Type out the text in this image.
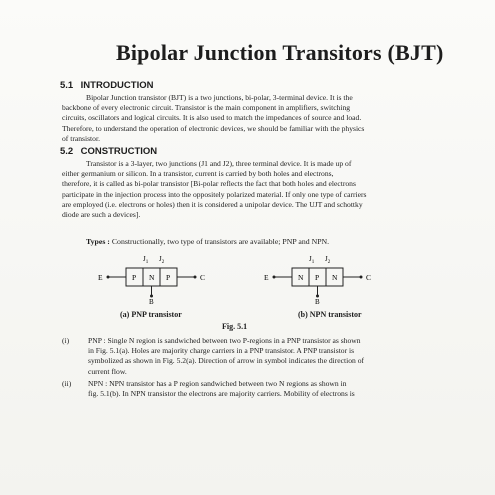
Bipolar Junction Transitors (BJT)
5.1 INTRODUCTION
Bipolar Junction transistor (BJT) is a two junctions, bi-polar, 3-terminal device. It is the
backbone of every electronic circuit. Transistor is the main component in amplifiers, switching
circuits, oscillators and logical circuits. It is also used to match the impedances of source and load.
Therefore, to understand the operation of electronic devices, we should be familiar with the physics
of transistor.
5.2 CONSTRUCTION
Transistor is a 3-layer, two junctions (J1 and J2), three terminal device. It is made up of
either germanium or silicon. In a transistor, current is carried by both holes and electrons,
therefore, it is called as bi-polar transistor [Bi-polar reflects the fact that both holes and electrons
participate in the injection process into the oppositely polarized material. If only one type of carriers
are employed (i.e. electrons or holes) then it is considered a unipolar device. The UJT and schottky
diode are such a devices].
Types : Constructionally, two type of transistors are available; PNP and NPN.
$J_1$ $J_2$
E	P N P	C
B
$J_1$ $J_2$
E	N P N	C
B
(a) PNP transistor	(b) NPN transistor
Fig. 5.1
(i) PNP : Single N region is sandwiched between two P-regions in a PNP transistor as shown
in Fig. 5.1(a). Holes are majority charge carriers in a PNP transistor. A PNP transistor is
symbolized as shown in Fig. 5.2(a). Direction of arrow in symbol indicates the direction of
current flow.
(ii) NPN : NPN transistor has a P region sandwiched between two N regions as shown in
fig. 5.1(b). In NPN transistor the electrons are majority carriers. Mobility of electrons is
